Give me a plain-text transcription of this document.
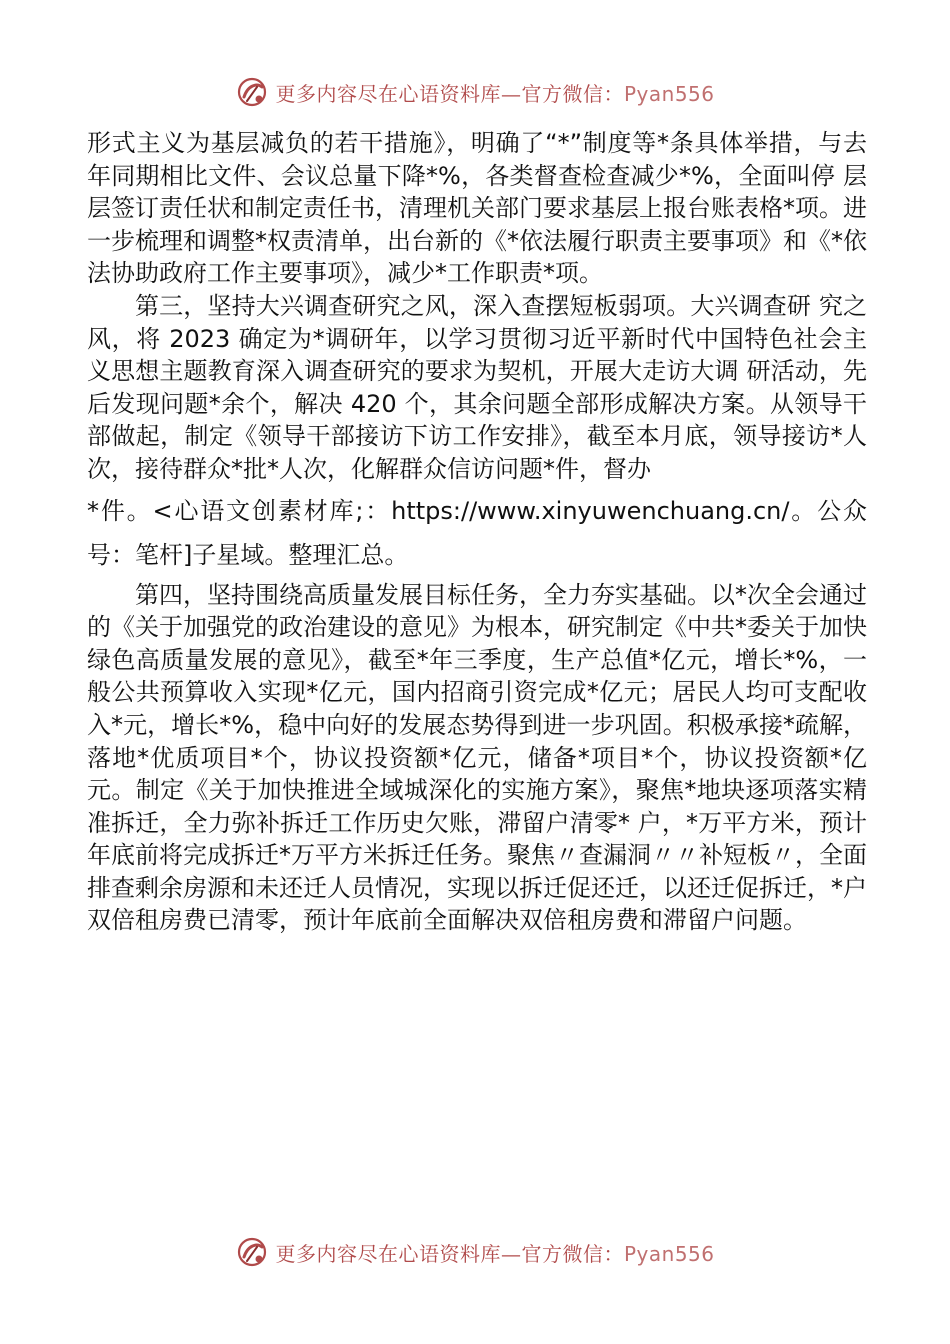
更多内容尽在心语资料库—官方微信：Pyan556

形式主义为基层减负的若干措施》，明确了“*”制度等*条具体举措，与去年同期相比文件、会议总量下降*%，各类督查检查减少*%，全面叫停 层层签订责任状和制定责任书，清理机关部门要求基层上报台账表格*项。进一步梳理和调整*权责清单，出台新的《*依法履行职责主要事项》和《*依法协助政府工作主要事项》，减少*工作职责*项。

第三，坚持大兴调查研究之风，深入查摆短板弱项。大兴调查研 究之风，将 2023 确定为*调研年，以学习贯彻习近平新时代中国特色社会主义思想主题教育深入调查研究的要求为契机，开展大走访大调 研活动，先后发现问题*余个，解决 420 个，其余问题全部形成解决方案。从领导干部做起，制定《领导干部接访下访工作安排》，截至本月底，领导接访*人次，接待群众*批*人次，化解群众信访问题*件，督办

*件。<心语文创素材库;：https://www.xinyuwenchuang.cn/。公众号：笔杆]子星域。整理汇总。

第四，坚持围绕高质量发展目标任务，全力夯实基础。以*次全会通过的《关于加强党的政治建设的意见》为根本，研究制定《中共*委关于加快绿色高质量发展的意见》，截至*年三季度，生产总值*亿元，增长*%，一般公共预算收入实现*亿元，国内招商引资完成*亿元；居民人均可支配收入*元，增长*%，稳中向好的发展态势得到进一步巩固。积极承接*疏解，落地*优质项目*个，协议投资额*亿元，储备*项目*个，协议投资额*亿元。制定《关于加快推进全域城深化的实施方案》，聚焦*地块逐项落实精准拆迁，全力弥补拆迁工作历史欠账，滞留户清零* 户，*万平方米，预计年底前将完成拆迁*万平方米拆迁任务。聚焦〃查漏洞〃〃补短板〃，全面排查剩余房源和未还迁人员情况，实现以拆迁促还迁，以还迁促拆迁，*户双倍租房费已清零，预计年底前全面解决双倍租房费和滞留户问题。

更多内容尽在心语资料库—官方微信：Pyan556
